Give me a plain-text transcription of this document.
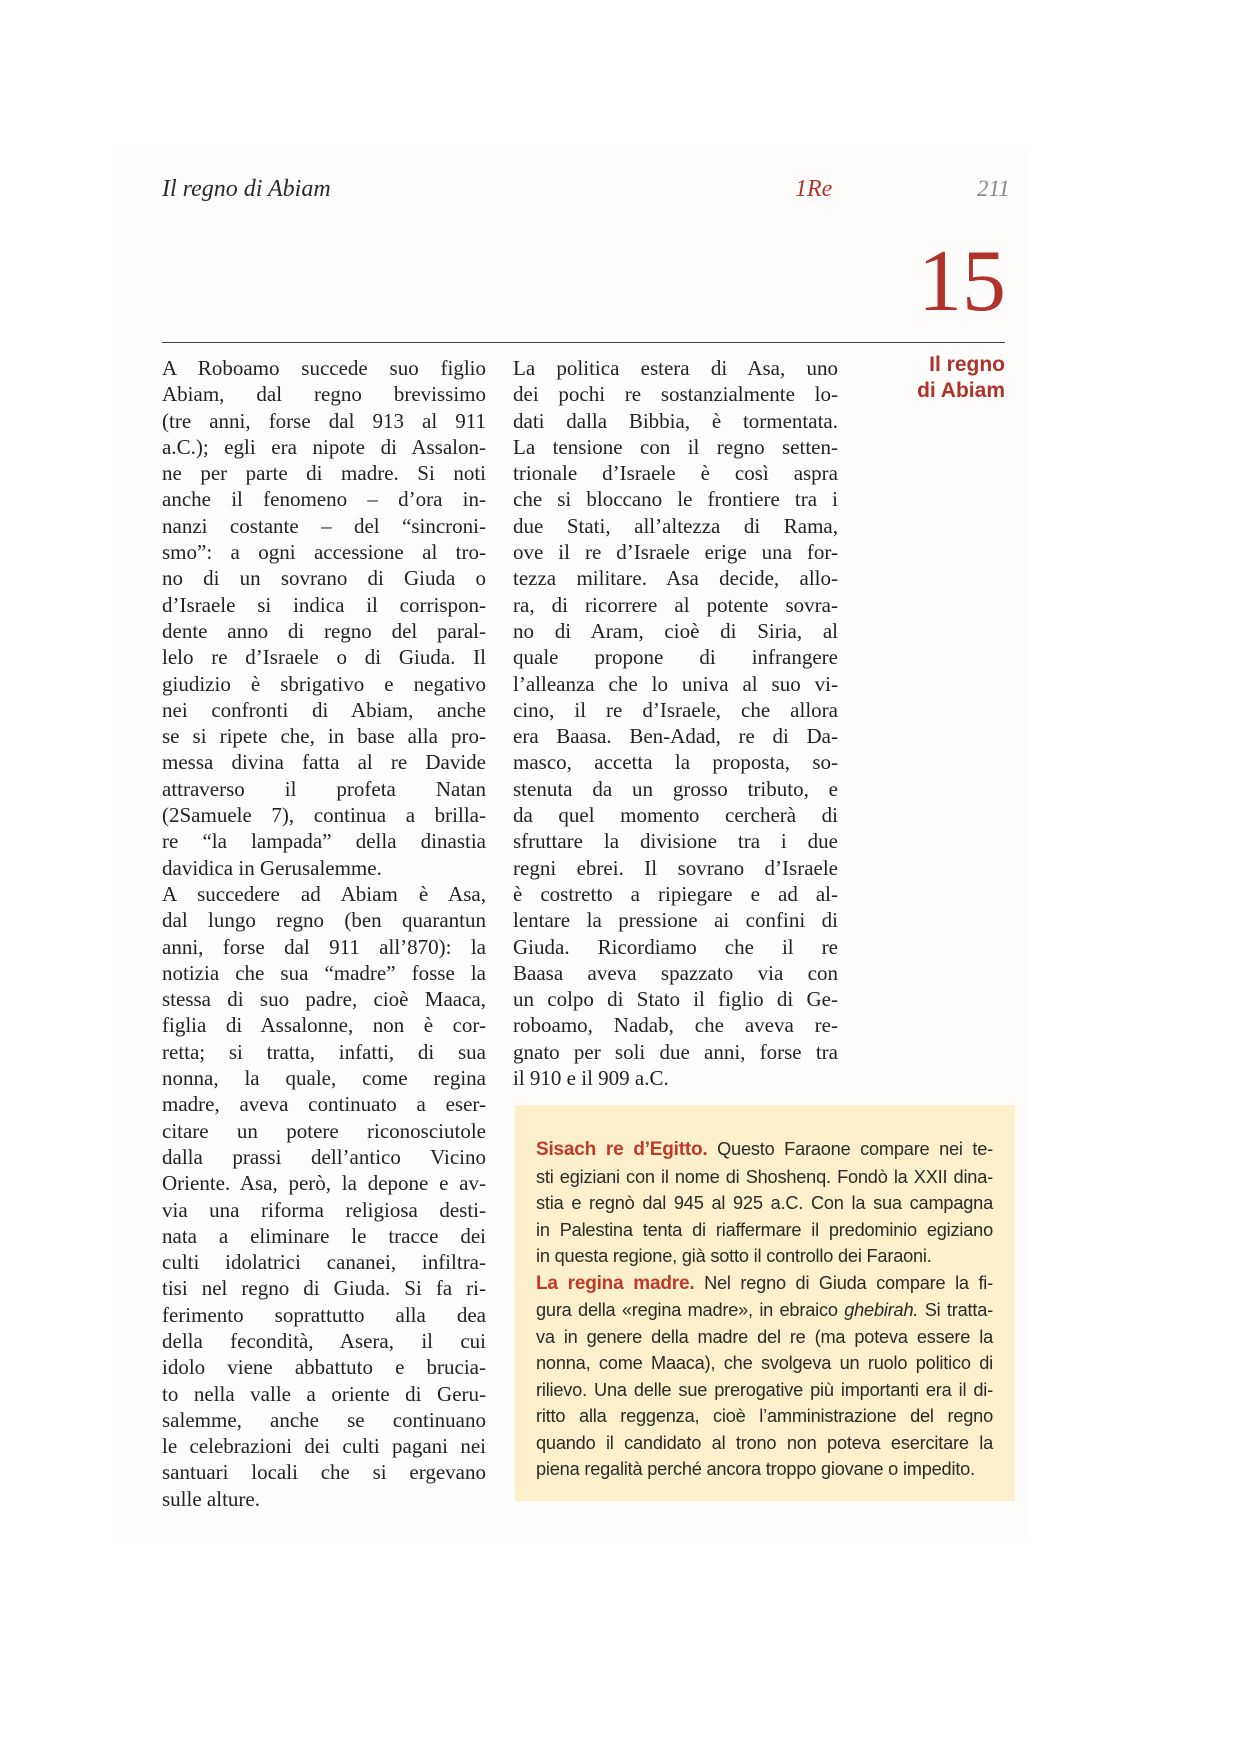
Il regno di Abiam	1Re	211
15
Il regno
di Abiam
A Roboamo succede suo figlio
Abiam, dal regno brevissimo
(tre anni, forse dal 913 al 911
a.C.); egli era nipote di Assalon-
ne per parte di madre. Si noti
anche il fenomeno – d’ora in-
nanzi costante – del “sincroni-
smo”: a ogni accessione al tro-
no di un sovrano di Giuda o
d’Israele si indica il corrispon-
dente anno di regno del paral-
lelo re d’Israele o di Giuda. Il
giudizio è sbrigativo e negativo
nei confronti di Abiam, anche
se si ripete che, in base alla pro-
messa divina fatta al re Davide
attraverso il profeta Natan
(2Samuele 7), continua a brilla-
re “la lampada” della dinastia
davidica in Gerusalemme.
A succedere ad Abiam è Asa,
dal lungo regno (ben quarantun
anni, forse dal 911 all’870): la
notizia che sua “madre” fosse la
stessa di suo padre, cioè Maaca,
figlia di Assalonne, non è cor-
retta; si tratta, infatti, di sua
nonna, la quale, come regina
madre, aveva continuato a eser-
citare un potere riconosciutole
dalla prassi dell’antico Vicino
Oriente. Asa, però, la depone e av-
via una riforma religiosa desti-
nata a eliminare le tracce dei
culti idolatrici cananei, infiltra-
tisi nel regno di Giuda. Si fa ri-
ferimento soprattutto alla dea
della fecondità, Asera, il cui
idolo viene abbattuto e brucia-
to nella valle a oriente di Geru-
salemme, anche se continuano
le celebrazioni dei culti pagani nei
santuari locali che si ergevano
sulle alture.
La politica estera di Asa, uno
dei pochi re sostanzialmente lo-
dati dalla Bibbia, è tormentata.
La tensione con il regno setten-
trionale d’Israele è così aspra
che si bloccano le frontiere tra i
due Stati, all’altezza di Rama,
ove il re d’Israele erige una for-
tezza militare. Asa decide, allo-
ra, di ricorrere al potente sovra-
no di Aram, cioè di Siria, al
quale propone di infrangere
l’alleanza che lo univa al suo vi-
cino, il re d’Israele, che allora
era Baasa. Ben-Adad, re di Da-
masco, accetta la proposta, so-
stenuta da un grosso tributo, e
da quel momento cercherà di
sfruttare la divisione tra i due
regni ebrei. Il sovrano d’Israele
è costretto a ripiegare e ad al-
lentare la pressione ai confini di
Giuda. Ricordiamo che il re
Baasa aveva spazzato via con
un colpo di Stato il figlio di Ge-
roboamo, Nadab, che aveva re-
gnato per soli due anni, forse tra
il 910 e il 909 a.C.
Sisach re d’Egitto. Questo Faraone compare nei te-
sti egiziani con il nome di Shoshenq. Fondò la XXII dina-
stia e regnò dal 945 al 925 a.C. Con la sua campagna
in Palestina tenta di riaffermare il predominio egiziano
in questa regione, già sotto il controllo dei Faraoni.
La regina madre. Nel regno di Giuda compare la fi-
gura della «regina madre», in ebraico ghebirah. Si tratta-
va in genere della madre del re (ma poteva essere la
nonna, come Maaca), che svolgeva un ruolo politico di
rilievo. Una delle sue prerogative più importanti era il di-
ritto alla reggenza, cioè l’amministrazione del regno
quando il candidato al trono non poteva esercitare la
piena regalità perché ancora troppo giovane o impedito.
